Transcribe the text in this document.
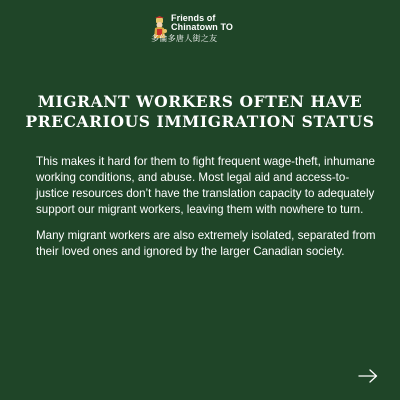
Friends of
Chinatown TO
多倫多唐人街之友
MIGRANT WORKERS OFTEN HAVE
PRECARIOUS IMMIGRATION STATUS

This makes it hard for them to fight frequent wage-theft, inhumane working conditions, and abuse. Most legal aid and access-to-justice resources don’t have the translation capacity to adequately support our migrant workers, leaving them with nowhere to turn.

Many migrant workers are also extremely isolated, separated from their loved ones and ignored by the larger Canadian society.
